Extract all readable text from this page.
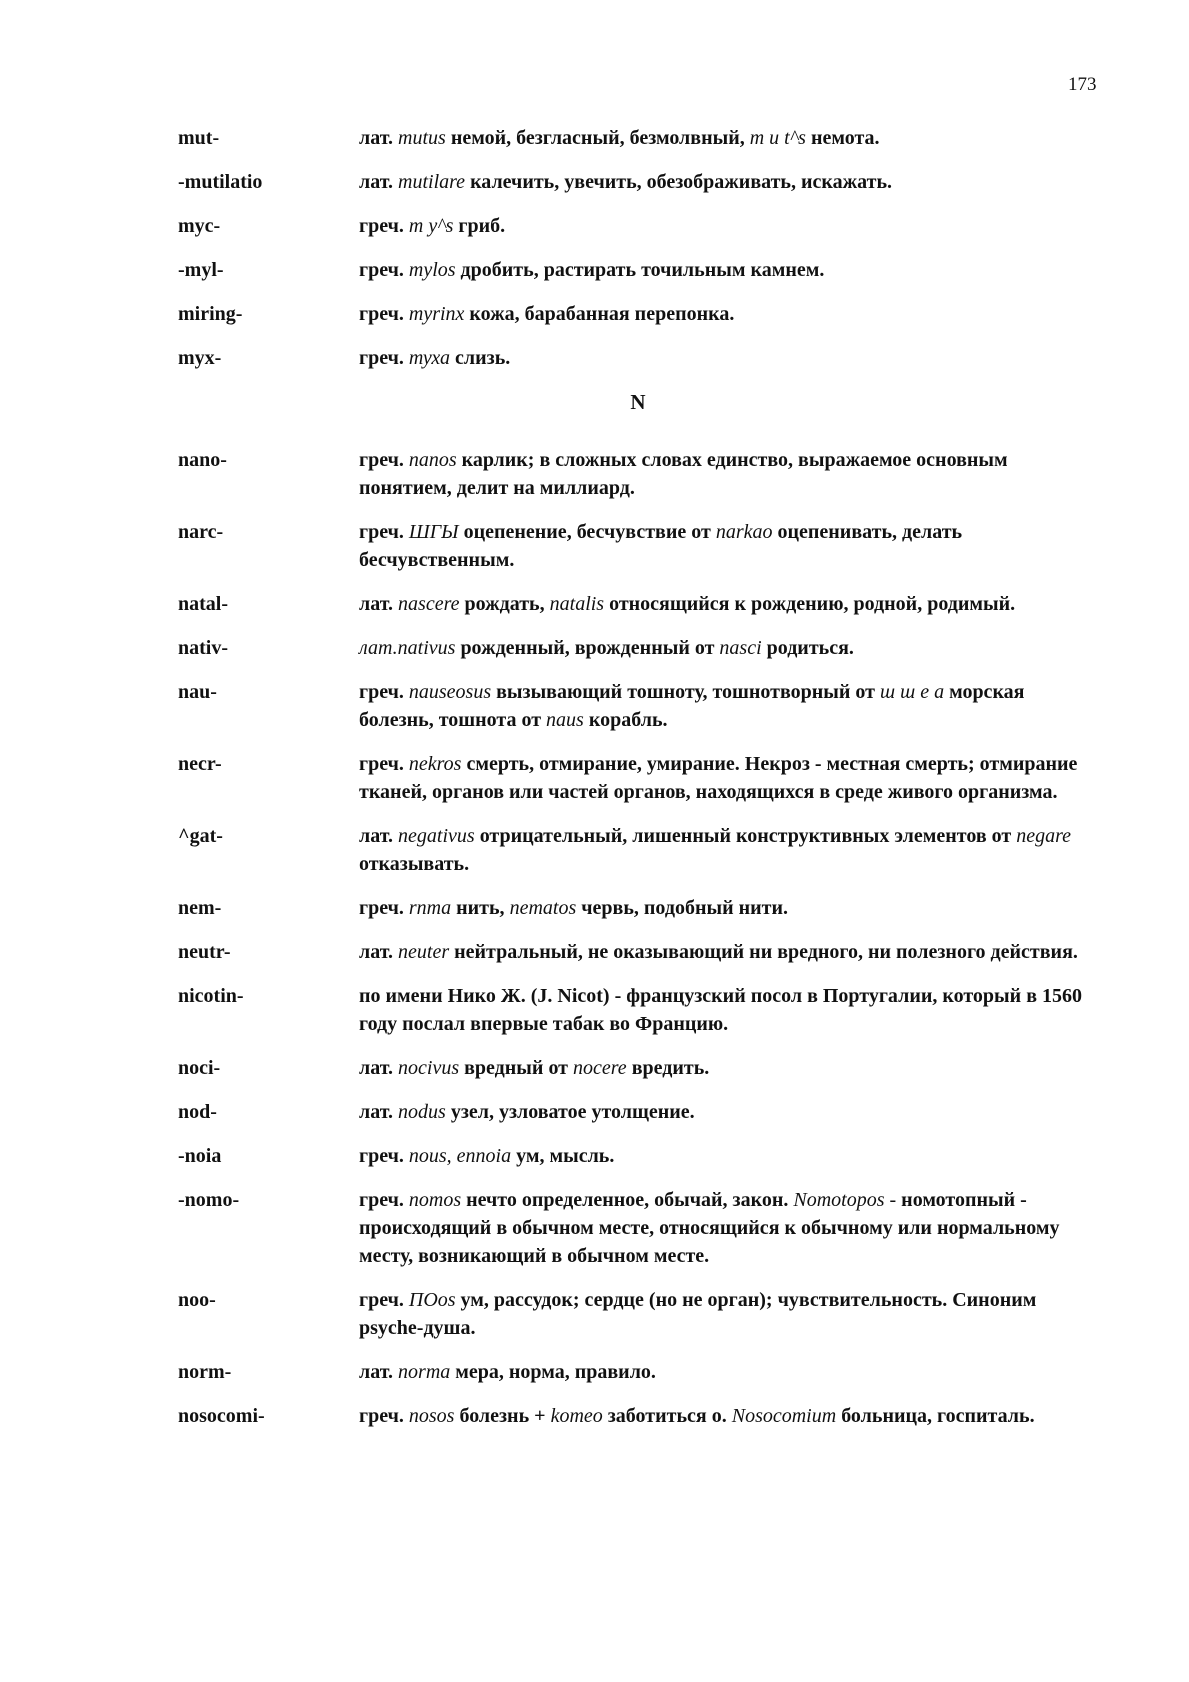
173
mut-	лат. mutus немой, безгласный, безмолвный, m u t^s немота.
-mutilatio	лат. mutilare калечить, увечить, обезображивать, искажать.
myc-	греч. m y^s гриб.
-myl-	греч. mylos дробить, растирать точильным камнем.
miring-	греч. myrinx кожа, барабанная перепонка.
myx-	греч. туха слизь.
N
nano-	греч. nanos карлик; в сложных словах единство, выражаемое основным понятием, делит на миллиард.
narc-	греч. ШГЫ оцепенение, бесчувствие от narkao оцепенивать, делать бесчувственным.
natal-	лат. nascere рождать, natalis относящийся к рождению, родной, родимый.
nativ-	лат.nativus рожденный, врожденный от nasci родиться.
nau-	греч. nauseosus вызывающий тошноту, тошнотворный от ш ш е а морская болезнь, тошнота от naus корабль.
necr-	греч. nekros смерть, отмирание, умирание. Некроз - местная смерть; отмирание тканей, органов или частей органов, находящихся в среде живого организма.
^gat-	лат. negativus отрицательный, лишенный конструктивных элементов от negare отказывать.
nem-	греч. rnma нить, nematos червь, подобный нити.
neutr-	лат. neuter нейтральный, не оказывающий ни вредного, ни полезного действия.
nicotin-	по имени Нико Ж. (J. Nicot) - французский посол в Португалии, который в 1560 году послал впервые табак во Францию.
noci-	лат. nocivus вредный от nocere вредить.
nod-	лат. nodus узел, узловатое утолщение.
-noia	греч. nous, ennoia ум, мысль.
-nomo-	греч. nomos нечто определенное, обычай, закон. Nomotopos - номотопный - происходящий в обычном месте, относящийся к обычному или нормальному месту, возникающий в обычном месте.
noo-	греч. ПОos ум, рассудок; сердце (но не орган); чувствительность. Синоним psyche-душа.
norm-	лат. norma мера, норма, правило.
nosocomi-	греч. nosos болезнь + komeo заботиться о. Nosocomium больница, госпиталь.
